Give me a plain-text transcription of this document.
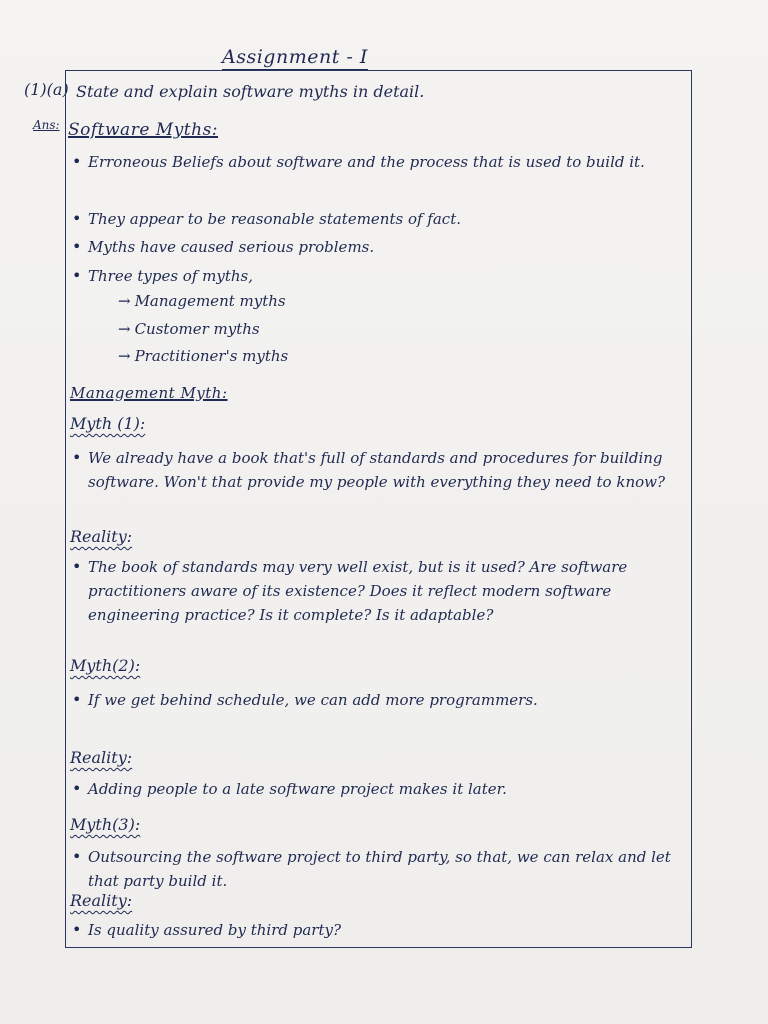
Assignment - I
(1)(a) State and explain software myths in detail.
Ans: Software Myths:
• Erroneous Beliefs about software and the process that is used to build it.
• They appear to be reasonable statements of fact.
• Myths have caused serious problems.
• Three types of myths,
→ Management myths
→ Customer myths
→ Practitioner's myths
Management Myth:
Myth (1):
• We already have a book that's full of standards and procedures for building software. Won't that provide my people with everything they need to know?
Reality:
• The book of standards may very well exist, but is it used? Are software practitioners aware of its existence? Does it reflect modern software engineering practice? Is it complete? Is it adaptable?
Myth(2):
• If we get behind schedule, we can add more programmers.
Reality:
• Adding people to a late software project makes it later.
Myth(3):
• Outsourcing the software project to third party, so that, we can relax and let that party build it.
Reality:
• Is quality assured by third party?
